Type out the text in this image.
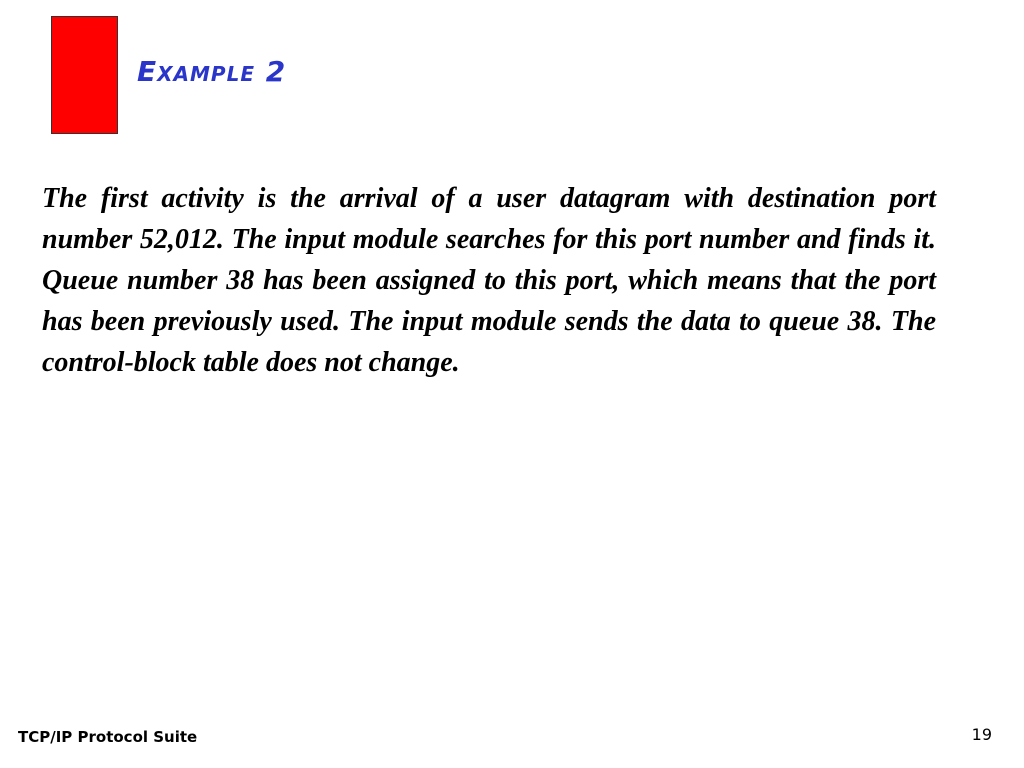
Example 2

The first activity is the arrival of a user datagram with destination port number 52,012. The input module searches for this port number and finds it. Queue number 38 has been assigned to this port, which means that the port has been previously used. The input module sends the data to queue 38. The control-block table does not change.

TCP/IP Protocol Suite	19
